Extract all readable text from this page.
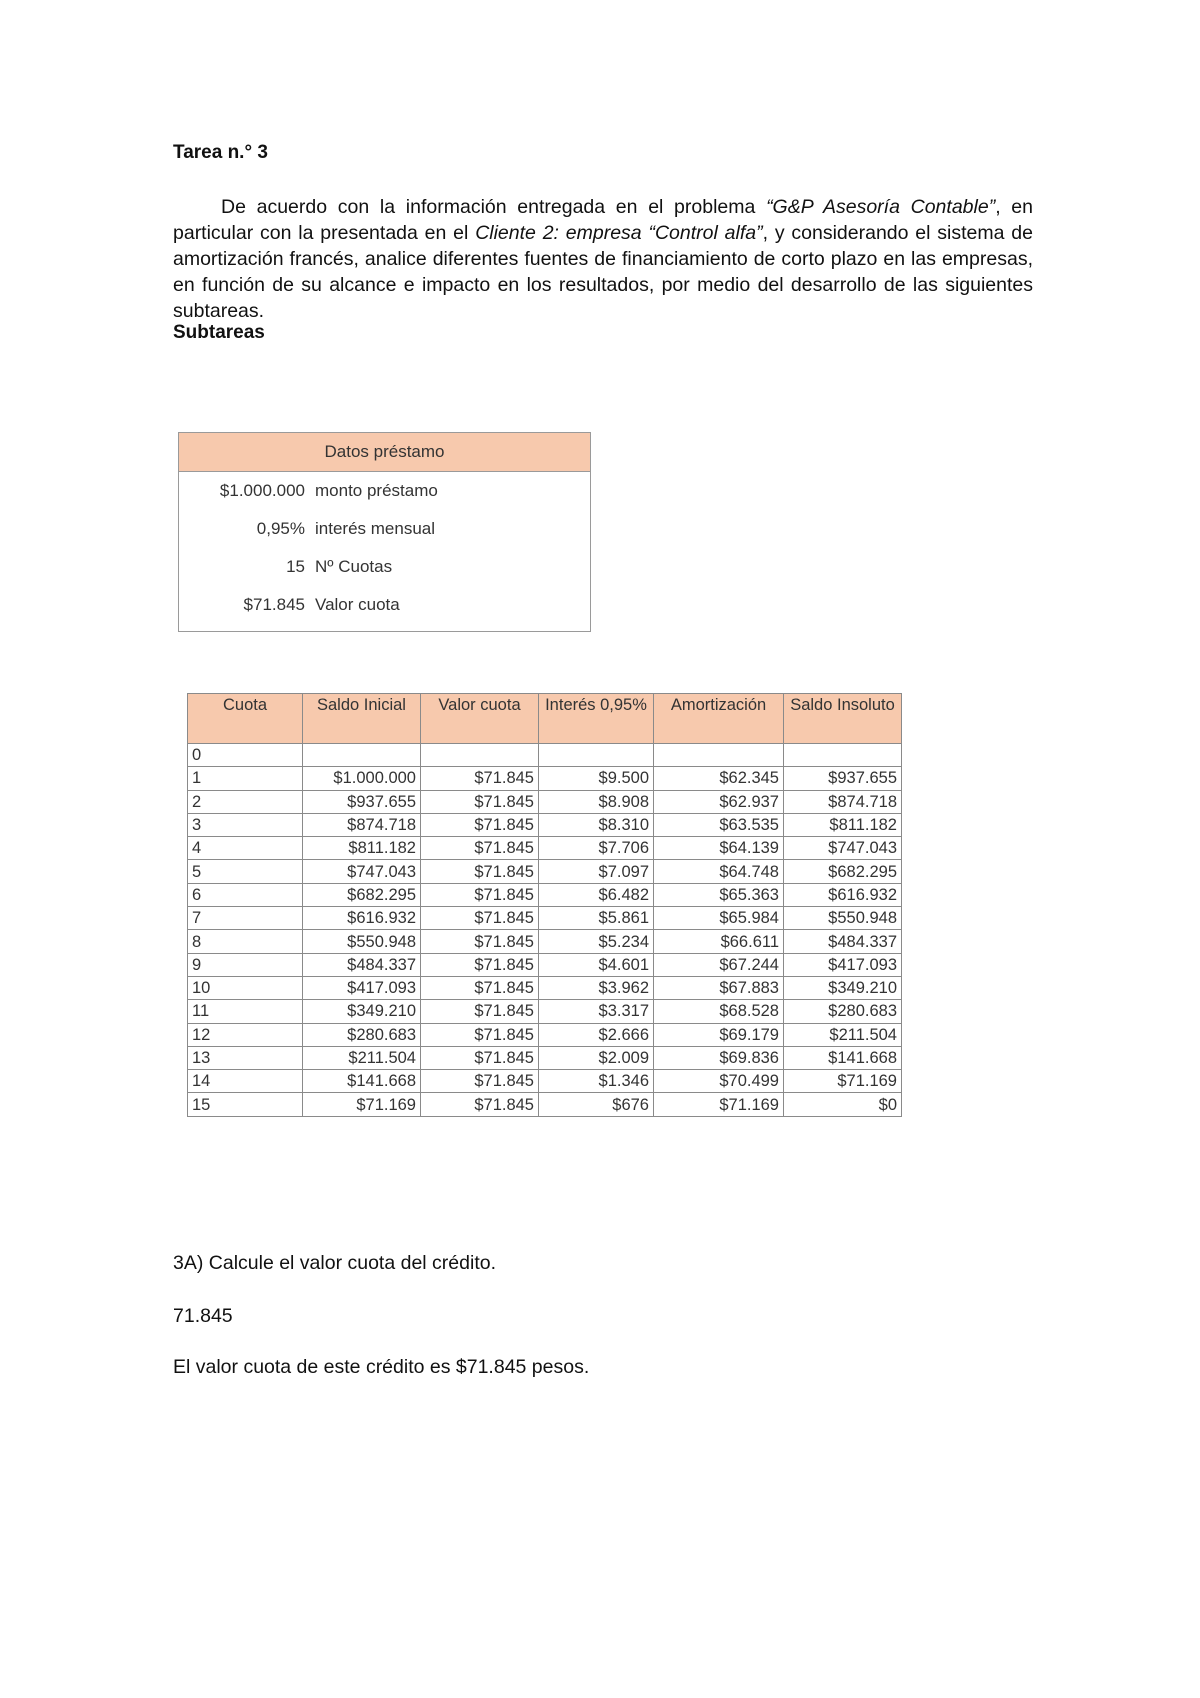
Tarea n.° 3

De acuerdo con la información entregada en el problema “G&P Asesoría Contable”, en particular con la presentada en el Cliente 2: empresa “Control alfa”, y considerando el sistema de amortización francés, analice diferentes fuentes de financiamiento de corto plazo en las empresas, en función de su alcance e impacto en los resultados, por medio del desarrollo de las siguientes subtareas.

Subtareas
Datos préstamo
$1.000.000 monto préstamo
0,95% interés mensual
15 Nº Cuotas
$71.845 Valor cuota
Cuota	Saldo Inicial	Valor cuota	Interés 0,95%	Amortización	Saldo Insoluto
0					
1	$1.000.000	$71.845	$9.500	$62.345	$937.655
2	$937.655	$71.845	$8.908	$62.937	$874.718
3	$874.718	$71.845	$8.310	$63.535	$811.182
4	$811.182	$71.845	$7.706	$64.139	$747.043
5	$747.043	$71.845	$7.097	$64.748	$682.295
6	$682.295	$71.845	$6.482	$65.363	$616.932
7	$616.932	$71.845	$5.861	$65.984	$550.948
8	$550.948	$71.845	$5.234	$66.611	$484.337
9	$484.337	$71.845	$4.601	$67.244	$417.093
10	$417.093	$71.845	$3.962	$67.883	$349.210
11	$349.210	$71.845	$3.317	$68.528	$280.683
12	$280.683	$71.845	$2.666	$69.179	$211.504
13	$211.504	$71.845	$2.009	$69.836	$141.668
14	$141.668	$71.845	$1.346	$70.499	$71.169
15	$71.169	$71.845	$676	$71.169	$0
3A) Calcule el valor cuota del crédito.
71.845
El valor cuota de este crédito es $71.845 pesos.
